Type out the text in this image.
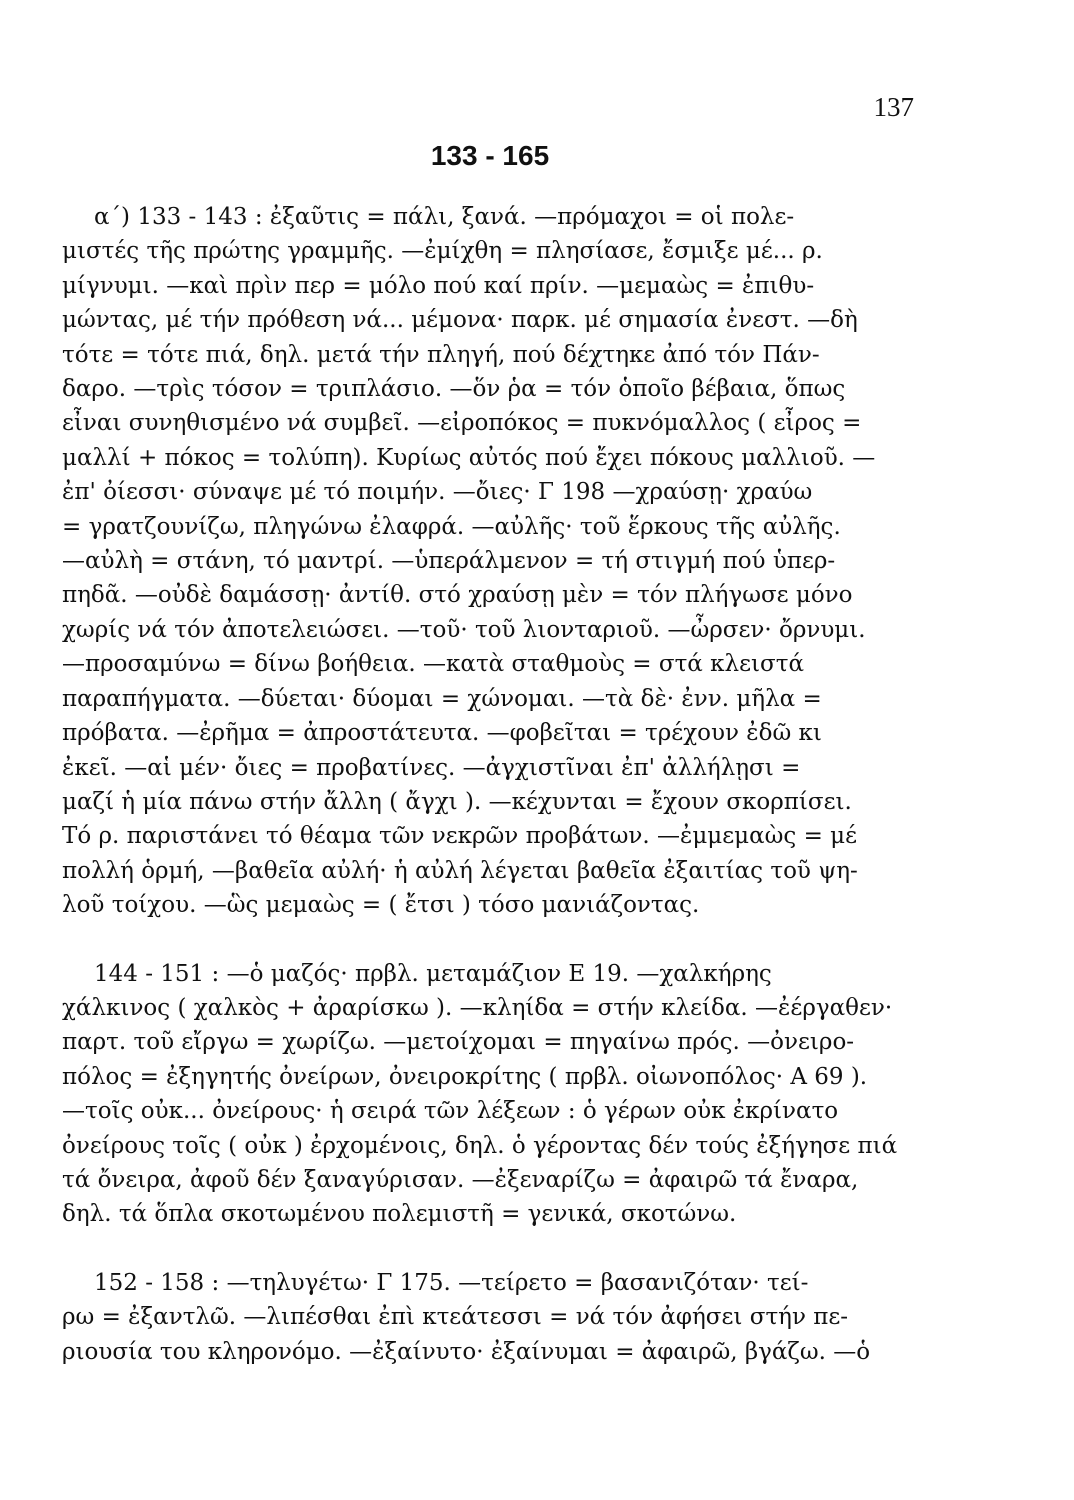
137
133 - 165
α΄) 133 - 143 : ἐξαῦτις = πάλι, ξανά. —πρόμαχοι = οἱ πολε-
μιστές τῆς πρώτης γραμμῆς. —ἐμίχθη = πλησίασε, ἔσμιξε μέ... ρ.
μίγνυμι. —καὶ πρὶν περ = μόλο πού καί πρίν. —μεμαὼς = ἐπιθυ-
μώντας, μέ τήν πρόθεση νά... μέμονα· παρκ. μέ σημασία ἐνεστ. —δὴ
τότε = τότε πιά, δηλ. μετά τήν πληγή, πού δέχτηκε ἀπό τόν Πάν-
δαρο. —τρὶς τόσον = τριπλάσιο. —ὅν ῥα = τόν ὁποῖο βέβαια, ὅπως
εἶναι συνηθισμένο νά συμβεῖ. —εἰροπόκος = πυκνόμαλλος ( εἶρος =
μαλλί + πόκος = τολύπη). Κυρίως αὐτός πού ἔχει πόκους μαλλιοῦ. —
ἐπ' ὀίεσσι· σύναψε μέ τό ποιμήν. —ὄιες· Γ 198 —χραύσῃ· χραύω
= γρατζουνίζω, πληγώνω ἐλαφρά. —αὐλῆς· τοῦ ἕρκους τῆς αὐλῆς.
—αὐλὴ = στάνη, τό μαντρί. —ὑπεράλμενον = τή στιγμή πού ὑπερ-
πηδᾶ. —οὐδὲ δαμάσσῃ· ἀντίθ. στό χραύσῃ μὲν = τόν πλήγωσε μόνο
χωρίς νά τόν ἀποτελειώσει. —τοῦ· τοῦ λιονταριοῦ. —ὦρσεν· ὄρνυμι.
—προσαμύνω = δίνω βοήθεια. —κατὰ σταθμοὺς = στά κλειστά
παραπήγματα. —δύεται· δύομαι = χώνομαι. —τὰ δὲ· ἐνν. μῆλα =
πρόβατα. —ἐρῆμα = ἀπροστάτευτα. —φοβεῖται = τρέχουν ἐδῶ κι
ἐκεῖ. —αἱ μέν· ὄιες = προβατίνες. —ἀγχιστῖναι ἐπ' ἀλλήλῃσι =
μαζί ἡ μία πάνω στήν ἄλλη ( ἄγχι ). —κέχυνται = ἔχουν σκορπίσει.
Τό ρ. παριστάνει τό θέαμα τῶν νεκρῶν προβάτων. —ἐμμεμαὼς = μέ
πολλή ὁρμή, —βαθεῖα αὐλή· ἡ αὐλή λέγεται βαθεῖα ἐξαιτίας τοῦ ψη-
λοῦ τοίχου. —ὣς μεμαὼς = ( ἔτσι ) τόσο μανιάζοντας.
144 - 151 : —ὁ μαζός· πρβλ. μεταμάζιον Ε 19. —χαλκήρης
χάλκινος ( χαλκὸς + ἀραρίσκω ). —κληίδα = στήν κλείδα. —ἐέργαθεν·
παρτ. τοῦ εἴργω = χωρίζω. —μετοίχομαι = πηγαίνω πρός. —ὀνειρο-
πόλος = ἐξηγητής ὀνείρων, ὀνειροκρίτης ( πρβλ. οἰωνοπόλος· Α 69 ).
—τοῖς οὐκ... ὀνείρους· ἡ σειρά τῶν λέξεων : ὁ γέρων οὐκ ἐκρίνατο
ὀνείρους τοῖς ( οὐκ ) ἐρχομένοις, δηλ. ὁ γέροντας δέν τούς ἐξήγησε πιά
τά ὄνειρα, ἀφοῦ δέν ξαναγύρισαν. —ἐξεναρίζω = ἀφαιρῶ τά ἔναρα,
δηλ. τά ὅπλα σκοτωμένου πολεμιστῆ = γενικά, σκοτώνω.
152 - 158 : —τηλυγέτω· Γ 175. —τείρετο = βασανιζόταν· τεί-
ρω = ἐξαντλῶ. —λιπέσθαι ἐπὶ κτεάτεσσι = νά τόν ἀφήσει στήν πε-
ριουσία του κληρονόμο. —ἐξαίνυτο· ἐξαίνυμαι = ἀφαιρῶ, βγάζω. —ὁ
